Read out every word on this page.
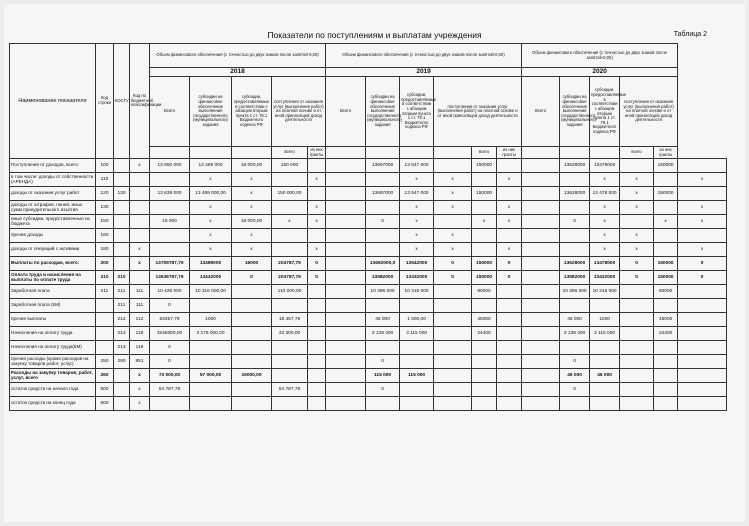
Показатели по поступлениям и выплатам учреждения	Таблица 2
Наименование показателя	Код строки	КОСГУ	Код по бюджетной классификации	Объем финансового обеспечения (с точностью до двух знаков после запятой-0,00)					Объем финансового обеспечения (с точностью до двух знаков после запятой-0,00)						Объем финансового обеспечения (с точностью до двух знаков после запятой-0,00)					
				2018					2019						2020					
				Всего	субсидии на финансовое обеспечение выполнения государственного (муниципального) задания	субсидии, предоставляемые в соответствии с абзацем вторым пункта 1 ст. 78.1 Бюджетного кодекса РФ	поступления от оказания услуг (выполнения работ) на платной основе и от иной приносящей доход деятельности		Всего	субсидии на финансовое обеспечение выполнения государственного (муниципального) задания	субсидии, предоставляемые в соответствии с абзацем вторым пункта 1 ст. 78.1 Бюджетного кодекса РФ	поступления от оказания услуг (выполнения работ) на платной основе и от иной приносящей доход деятельности			Всего	субсидии на финансовое обеспечение выполнения государственного (муниципального) задания	субсидии, предоставляемые в соответствии с абзацем вторым пункта 1 ст. 78.1 Бюджетного кодекса РФ	поступления от оказания услуг (выполнения работ) на платной основе и от иной приносящей доход деятельности		
							всего	из них гранты					всего	из них гранты				всего	из них гранты	
Поступления от доходов, всего:	100		x	13 650 000	13 489 000	16 000,00	150 000			13697000	13 547 000		150000			13628000	13478000		150000	
в том числе: доходы от собственности (АРЕНДА)	110				x	x		x			x	x		x			x	x		x
доходы от оказания услуг работ	120	130		13 639 000	13 489 000,00	x	150 000,00			13697000	13 547 000	x	150000			13628000	13 478 000	x	150000	
доходы от штрафов, пеней, иных сумм принудительного изъятия	130				x	x		x			x	x		x			x	x		x
иные субсидии, предоставленные из бюджета	150			16 000	x	16 000,00	x	x		0	x		x	x		0	x		x	x
прочие доходы	160				x	x					x	x					x	x		
доходы от операций с активами	180		x		x	x		x			x	x		x			x	x		x
Выплаты по расходам, всего:	200		x	13709787,79	13489000	16000	204787,79	0		13692000,0	13542000	0	150000	0		13628000	13478000	0	150000	0
Оплата труда и начисления на выплаты по оплате труда	210	210		13636787,79	13432000	0	204787,79	0		13582000	13432000	0	150000	0		13582000	13432000	0	150000	0
Заработная плата	211	211	111	10 426 000	10 316 000,00		110 000,00			10 396 000	10 316 000		80000			10 396 000	10 316 000		80000	
Заработная плата (5М)		211	111	0																
прочие выплаты		212	112	63457,79	1000		18 457,79			46 000	1 000,00		45000			46 000	1000		45000	
Начисления на оплату труда		213	119	3248300,00	3 175 000,00		33 300,00			3 139 400	3 115 000		24400			3 139 400	3 115 000		24400	
Начисления на оплату труда(5М)		213	119	0																
прочие расходы (кроме расходов на закупку товаров работ, услуг)	250	290	851	0						0						0				
Расходы на закупку товаров, работ, услуг, всего	260		x	73 000,00	57 000,00	16000,00				115 000	115 000					46 000	46 000			
остаток средств на начало года	500		x	54 787,79			54 787,79			0						0				
остаток средств на конец года	600		x																	
